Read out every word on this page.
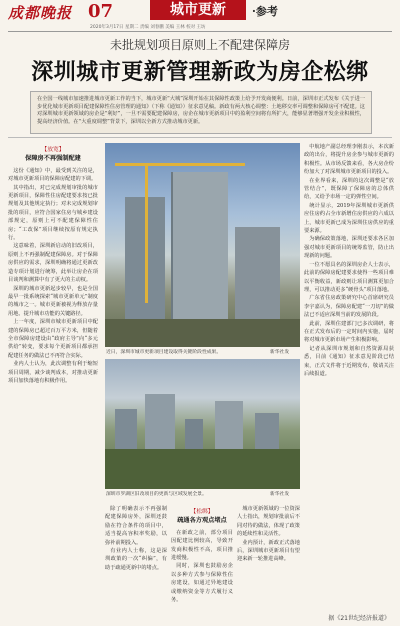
成都晚报 07	城市更新	·参考
2020年3月17日 星期二 责编 刘春鹏 美编 王林 校对 王坊
未批规划项目原则上不配建保障房
深圳城市更新管理新政为房企松绑

在全国一线城市加速推进城市更新工作的当下，城市更新“大城”深圳开始在其保障性政策上给予开发商便利。日前，深圳市正式发布《关于进一步优化城市更新项目配建保障性住房管理的通知》（下称《通知》）征求意见稿。新政有两大核心调整：土地移交率可调整和保障房可不配建。这对深圳城市更新领域的房企是“利好”，一旦不需要配建保障房，房企在城市更新项目中的盈利空间将有所扩大，能够显著增强开发企业积极性，提高经济价值。在“大重度调整”背景下，深圳以全新方式推动城市更新。

【放宽】
保障房不再强制配建

这份《通知》中，最受到关注的是，对城市更新项目的保障房配建的下调。

其中指出，对已完成规划审批的城市更新项目，保障性住房配建要求按已批规划及其他规定执行；对未完成规划审批的项目，应符合国家住房与城乡建设部规定，原则上可不配建保障性住房；“工改保”项目继续按原有规定执行。

这意味着，深圳新启动的旧改项目，原则上不再强制配建保障房。对于保障房供应的需求，深圳明确将通过更新改造专项计划进行统筹，此举让房企在项目谈判和测算中有了更大的主动权。

深圳的城市更新起步较早，也是全国最早一批系统探索“城市更新单元”制度的城市之一。城市更新被视为释放存量用地、提升城市功能的关键路径。

上一年度，深圳市城市更新项目中配建的保障房已超过百万平方米，但随着全市保障房建设由“政府主导”向“多元供给”转变，要求每个更新项目都承担配建任务的做法已不再符合实际。

业内人士认为，此次调整有利于缩短项目周期，减少谈判成本，对推动更新项目加快落地有积极作用。

近日，深圳市城市更新项目建设取得关键阶段性成果。	新华社发
深圳市罗湖区旧改项目的更新与区域发展全景。	新华社发

除了明确表示不再强制配建保障房外，深圳还鼓励在符合条件的项目中，适当提高容积率奖励，以弥补前期投入。

有业内人士称，这是深圳政策的一次“纠偏”，有助于疏通更新中的堵点。

【松绑】
疏通各方观点堵点

在新政之前，部分项目因配建比例较高，导致开发商积极性不高，项目推进缓慢。

同时，深圳也鼓励房企以多种方式参与保障性住房建设，如通过异地建设或缴纳资金等方式履行义务。

城市更新领域的一位资深人士指出，规划审批前后不同对待的做法，体现了政策的延续性和灵活性。

业内预计，新政正式落地后，深圳城市更新项目有望迎来新一轮推进高峰。

中航地产副总经理李刚表示，本次新政的出台，将提升房企参与城市更新的积极性。从市场反馈来看，各大房企纷纷加大了对深圳城市更新项目的投入。

在业界看来，深圳的这次调整是“放管结合”，既保障了保障房的总体供给，又给予市场一定的弹性空间。

统计显示，2019年深圳城市更新供应住房约占全市新增住房供应的六成以上，城市更新已成为深圳住房供应的重要来源。

为确保政策落地，深圳还要求各区加强对城市更新项目的统筹监管，防止出现新的问题。

一位不愿具名的深圳房企人士表示，此前的保障房配建要求使得一些项目难以平衡收益，新政则让项目测算更加合理，可以推动更多“硬骨头”项目落地。

广东省住房政策研究中心首席研究员李宇嘉认为，保障房配建“一刀切”的做法已不适应深圳当前的发展阶段。

此前，深圳住建部门已多次调研，将在正式发布后的一定时间内实施，届时将对城市更新市场产生积极影响。

记者从深圳市规划和自然资源局获悉，目前《通知》征求意见阶段已结束，正式文件将于近期发布，敬请关注后续报道。

据《21世纪经济报道》
